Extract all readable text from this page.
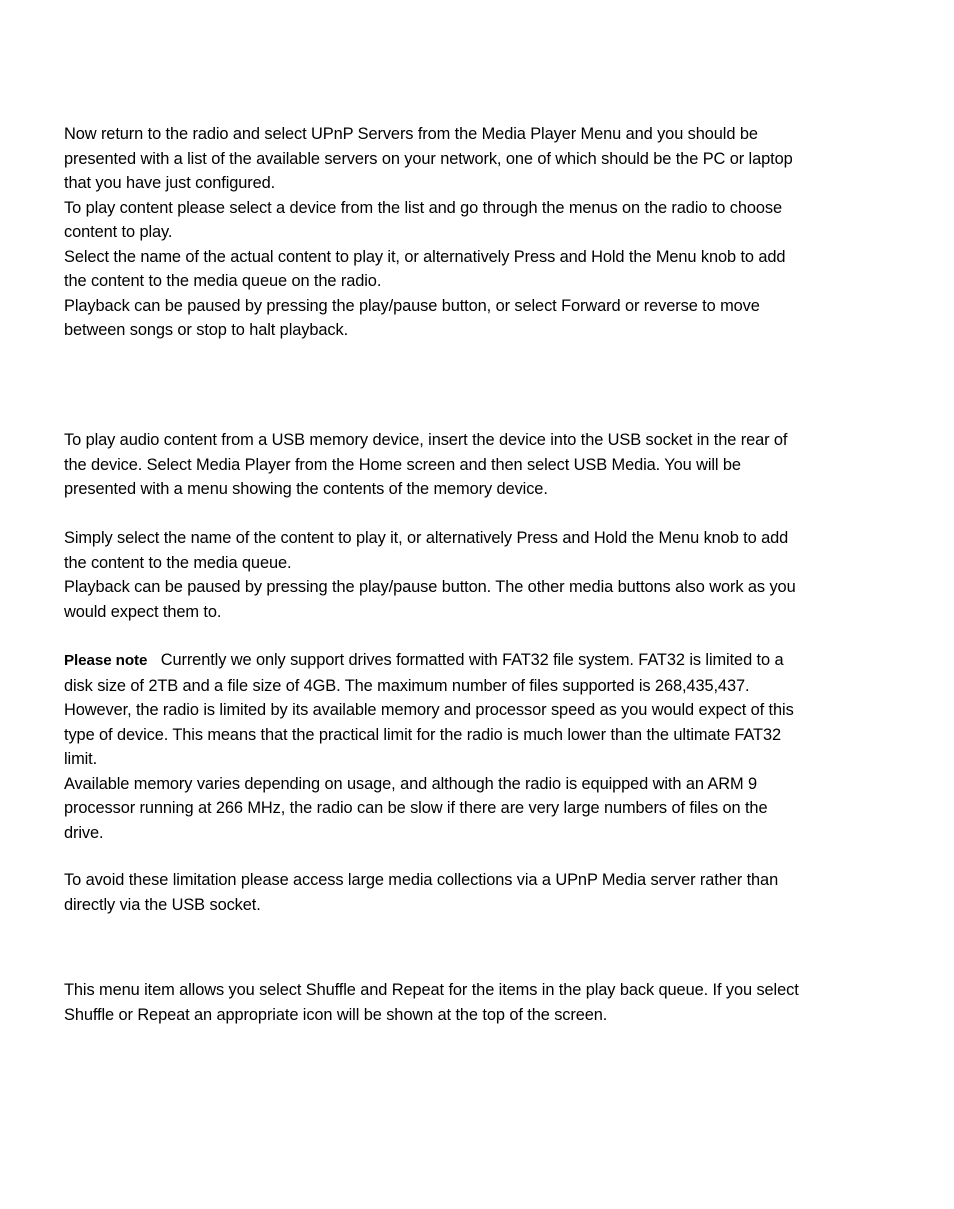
Now return to the radio and select UPnP Servers from the Media Player Menu and you should be
presented with a list of the available servers on your network, one of which should be the PC or laptop
that you have just configured.
To play content please select a device from the list and go through the menus on the radio to choose
content to play.
Select the name of the actual content to play it, or alternatively Press and Hold the Menu knob to add
the content to the media queue on the radio.
Playback can be paused by pressing the play/pause button, or select Forward or reverse to move
between songs or stop to halt playback.

To play audio content from a USB memory device, insert the device into the USB socket in the rear of
the device. Select Media Player from the Home screen and then select USB Media. You will be
presented with a menu showing the contents of the memory device.

Simply select the name of the content to play it, or alternatively Press and Hold the Menu knob to add
the content to the media queue.
Playback can be paused by pressing the play/pause button. The other media buttons also work as you
would expect them to.

Please note Currently we only support drives formatted with FAT32 file system. FAT32 is limited to a
disk size of 2TB and a file size of 4GB. The maximum number of files supported is 268,435,437.
However, the radio is limited by its available memory and processor speed as you would expect of this
type of device. This means that the practical limit for the radio is much lower than the ultimate FAT32
limit.
Available memory varies depending on usage, and although the radio is equipped with an ARM 9
processor running at 266 MHz, the radio can be slow if there are very large numbers of files on the
drive.

To avoid these limitation please access large media collections via a UPnP Media server rather than
directly via the USB socket.

This menu item allows you select Shuffle and Repeat for the items in the play back queue. If you select
Shuffle or Repeat an appropriate icon will be shown at the top of the screen.
